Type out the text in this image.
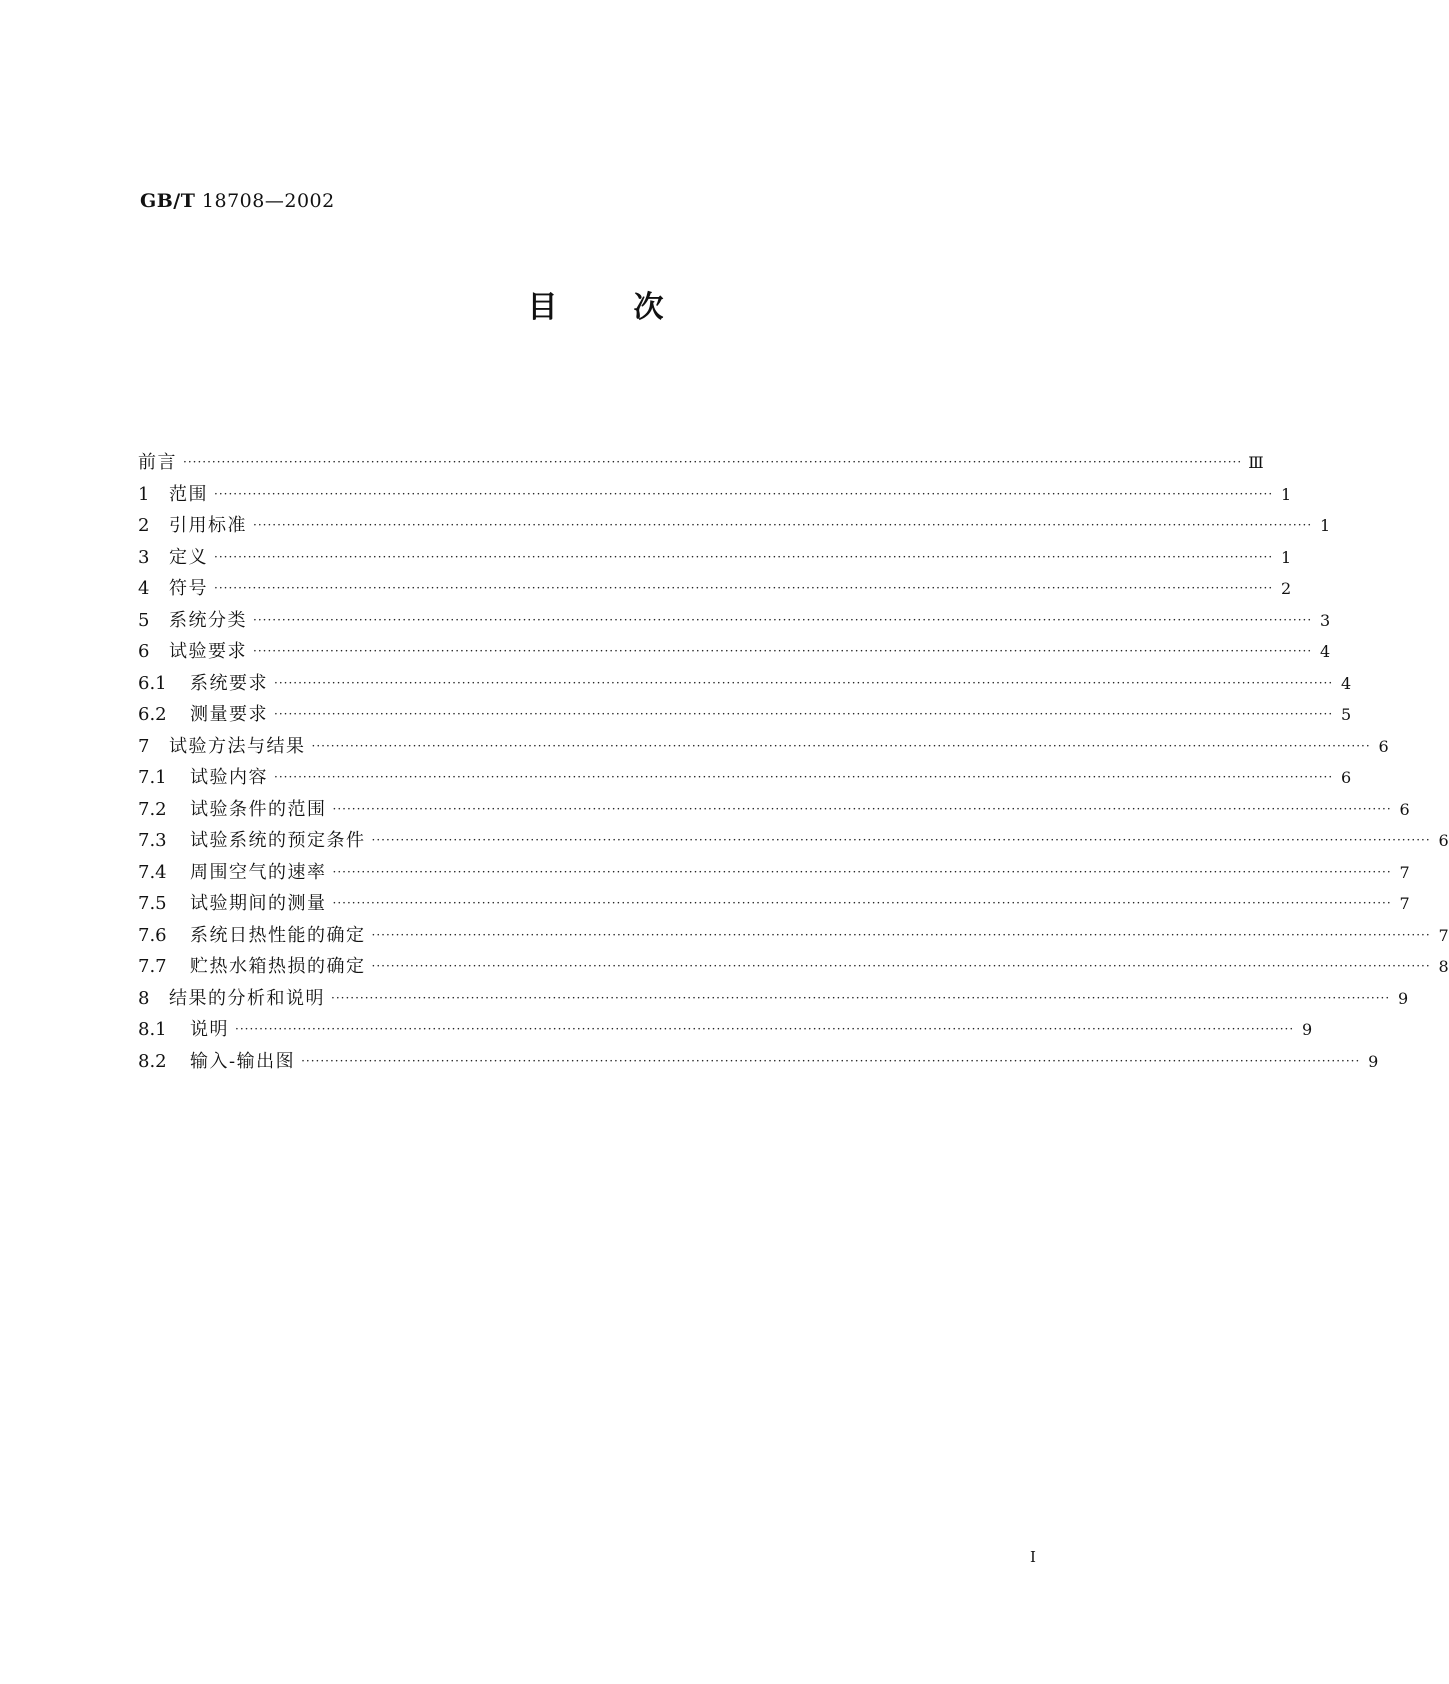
GB/T 18708—2002
目次
前言 ···························································································································································································································· Ⅲ
1	范围 ···························································································································································································································· 1
2	引用标准 ···························································································································································································································· 1
3	定义 ···························································································································································································································· 1
4	符号 ···························································································································································································································· 2
5	系统分类 ···························································································································································································································· 3
6	试验要求 ···························································································································································································································· 4
6.1	系统要求 ···························································································································································································································· 4
6.2	测量要求 ···························································································································································································································· 5
7	试验方法与结果 ···························································································································································································································· 6
7.1	试验内容 ···························································································································································································································· 6
7.2	试验条件的范围 ···························································································································································································································· 6
7.3	试验系统的预定条件 ···························································································································································································································· 6
7.4	周围空气的速率 ···························································································································································································································· 7
7.5	试验期间的测量 ···························································································································································································································· 7
7.6	系统日热性能的确定 ···························································································································································································································· 7
7.7	贮热水箱热损的确定 ···························································································································································································································· 8
8	结果的分析和说明 ···························································································································································································································· 9
8.1	说明 ···························································································································································································································· 9
8.2	输入-输出图 ···························································································································································································································· 9
I
